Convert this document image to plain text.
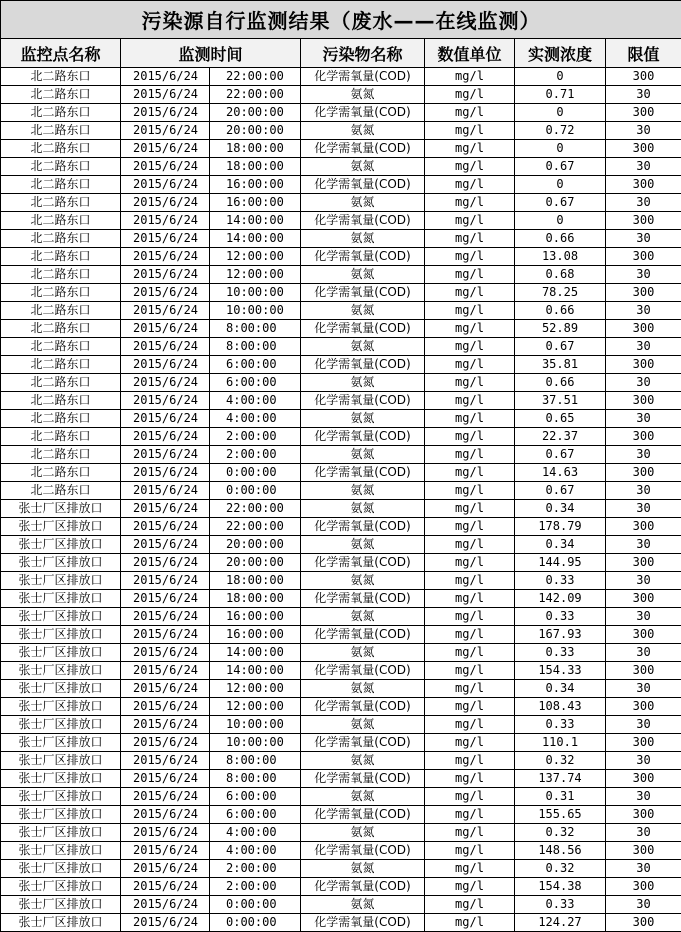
污染源自行监测结果（废水——在线监测）						
监控点名称	监测时间		污染物名称	数值单位	实测浓度	限值
北二路东口	2015/6/24	22:00:00	化学需氧量(COD)	mg/l	0	300
北二路东口	2015/6/24	22:00:00	氨氮	mg/l	0.71	30
北二路东口	2015/6/24	20:00:00	化学需氧量(COD)	mg/l	0	300
北二路东口	2015/6/24	20:00:00	氨氮	mg/l	0.72	30
北二路东口	2015/6/24	18:00:00	化学需氧量(COD)	mg/l	0	300
北二路东口	2015/6/24	18:00:00	氨氮	mg/l	0.67	30
北二路东口	2015/6/24	16:00:00	化学需氧量(COD)	mg/l	0	300
北二路东口	2015/6/24	16:00:00	氨氮	mg/l	0.67	30
北二路东口	2015/6/24	14:00:00	化学需氧量(COD)	mg/l	0	300
北二路东口	2015/6/24	14:00:00	氨氮	mg/l	0.66	30
北二路东口	2015/6/24	12:00:00	化学需氧量(COD)	mg/l	13.08	300
北二路东口	2015/6/24	12:00:00	氨氮	mg/l	0.68	30
北二路东口	2015/6/24	10:00:00	化学需氧量(COD)	mg/l	78.25	300
北二路东口	2015/6/24	10:00:00	氨氮	mg/l	0.66	30
北二路东口	2015/6/24	8:00:00	化学需氧量(COD)	mg/l	52.89	300
北二路东口	2015/6/24	8:00:00	氨氮	mg/l	0.67	30
北二路东口	2015/6/24	6:00:00	化学需氧量(COD)	mg/l	35.81	300
北二路东口	2015/6/24	6:00:00	氨氮	mg/l	0.66	30
北二路东口	2015/6/24	4:00:00	化学需氧量(COD)	mg/l	37.51	300
北二路东口	2015/6/24	4:00:00	氨氮	mg/l	0.65	30
北二路东口	2015/6/24	2:00:00	化学需氧量(COD)	mg/l	22.37	300
北二路东口	2015/6/24	2:00:00	氨氮	mg/l	0.67	30
北二路东口	2015/6/24	0:00:00	化学需氧量(COD)	mg/l	14.63	300
北二路东口	2015/6/24	0:00:00	氨氮	mg/l	0.67	30
张士厂区排放口	2015/6/24	22:00:00	氨氮	mg/l	0.34	30
张士厂区排放口	2015/6/24	22:00:00	化学需氧量(COD)	mg/l	178.79	300
张士厂区排放口	2015/6/24	20:00:00	氨氮	mg/l	0.34	30
张士厂区排放口	2015/6/24	20:00:00	化学需氧量(COD)	mg/l	144.95	300
张士厂区排放口	2015/6/24	18:00:00	氨氮	mg/l	0.33	30
张士厂区排放口	2015/6/24	18:00:00	化学需氧量(COD)	mg/l	142.09	300
张士厂区排放口	2015/6/24	16:00:00	氨氮	mg/l	0.33	30
张士厂区排放口	2015/6/24	16:00:00	化学需氧量(COD)	mg/l	167.93	300
张士厂区排放口	2015/6/24	14:00:00	氨氮	mg/l	0.33	30
张士厂区排放口	2015/6/24	14:00:00	化学需氧量(COD)	mg/l	154.33	300
张士厂区排放口	2015/6/24	12:00:00	氨氮	mg/l	0.34	30
张士厂区排放口	2015/6/24	12:00:00	化学需氧量(COD)	mg/l	108.43	300
张士厂区排放口	2015/6/24	10:00:00	氨氮	mg/l	0.33	30
张士厂区排放口	2015/6/24	10:00:00	化学需氧量(COD)	mg/l	110.1	300
张士厂区排放口	2015/6/24	8:00:00	氨氮	mg/l	0.32	30
张士厂区排放口	2015/6/24	8:00:00	化学需氧量(COD)	mg/l	137.74	300
张士厂区排放口	2015/6/24	6:00:00	氨氮	mg/l	0.31	30
张士厂区排放口	2015/6/24	6:00:00	化学需氧量(COD)	mg/l	155.65	300
张士厂区排放口	2015/6/24	4:00:00	氨氮	mg/l	0.32	30
张士厂区排放口	2015/6/24	4:00:00	化学需氧量(COD)	mg/l	148.56	300
张士厂区排放口	2015/6/24	2:00:00	氨氮	mg/l	0.32	30
张士厂区排放口	2015/6/24	2:00:00	化学需氧量(COD)	mg/l	154.38	300
张士厂区排放口	2015/6/24	0:00:00	氨氮	mg/l	0.33	30
张士厂区排放口	2015/6/24	0:00:00	化学需氧量(COD)	mg/l	124.27	300
